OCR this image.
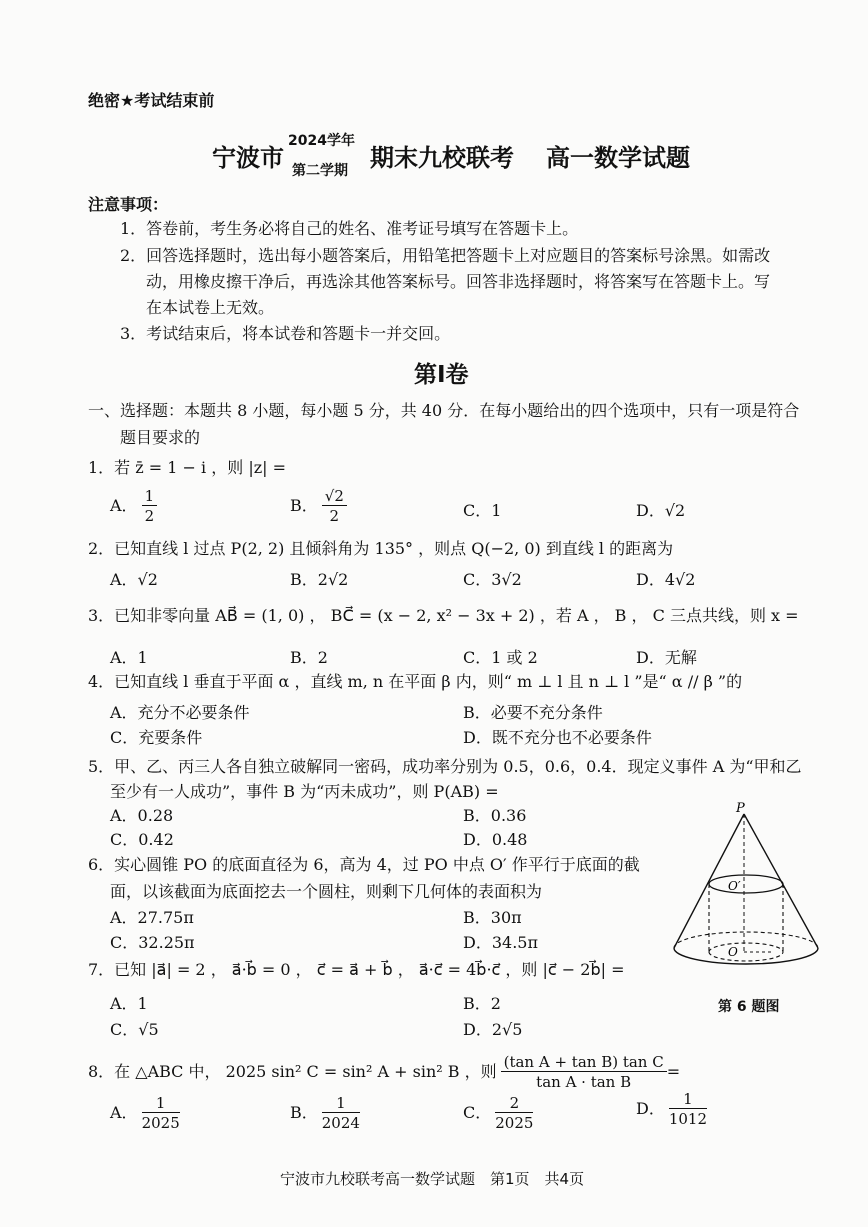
绝密★考试结束前
宁波市
2024学年
第二学期 期末九校联考 高一数学试题
注意事项：
1．答卷前，考生务必将自己的姓名、准考证号填写在答题卡上。
2．回答选择题时，选出每小题答案后，用铅笔把答题卡上对应题目的答案标号涂黑。如需改
动，用橡皮擦干净后，再选涂其他答案标号。回答非选择题时，将答案写在答题卡上。写
在本试卷上无效。
3．考试结束后，将本试卷和答题卡一并交回。
第Ⅰ卷
一、选择题：本题共 8 小题，每小题 5 分，共 40 分．在每小题给出的四个选项中，只有一项是符合
题目要求的
1．若 z̄ = 1 − i ，则 |z| =
A． $\frac{1}{2}$	B． $\frac{√2}{2}$	C．1	D．√2
2．已知直线 l 过点 P(2, 2) 且倾斜角为 135° ，则点 Q(−2, 0) 到直线 l 的距离为
A．√2	B．2√2	C．3√2	D．4√2
3．已知非零向量 AB⃗ = (1, 0) ， BC⃗ = (x − 2, x² − 3x + 2) ，若 A ， B ， C 三点共线，则 x =
A．1	B．2	C．1 或 2	D．无解
4．已知直线 l 垂直于平面 α ，直线 m, n 在平面 β 内，则“ m ⊥ l 且 n ⊥ l ”是“ α // β ”的
A．充分不必要条件	B．必要不充分条件
C．充要条件	D．既不充分也不必要条件
5．甲、乙、丙三人各自独立破解同一密码，成功率分别为 0.5，0.6，0.4．现定义事件 A 为“甲和乙
至少有一人成功”，事件 B 为“丙未成功”，则 P(AB) =
A．0.28	B．0.36
C．0.42	D．0.48
6．实心圆锥 PO 的底面直径为 6，高为 4，过 PO 中点 O′ 作平行于底面的截
面，以该截面为底面挖去一个圆柱，则剩下几何体的表面积为
A．27.75π	B．30π
C．32.25π	D．34.5π
P
O′
O
第 6 题图
7．已知 |a⃗| = 2 ， a⃗·b⃗ = 0 ， c⃗ = a⃗ + b⃗ ， a⃗·c⃗ = 4b⃗·c⃗ ，则 |c⃗ − 2b⃗| =
A．1	B．2
C．√5	D．2√5
8．在 △ABC 中， 2025 sin² C = sin² A + sin² B ，则 $\frac{\text{(tan A + tan B) tan C}}{\text{tan A · tan B}}$ =
A． $\frac{1}{2025}$	B． $\frac{1}{2024}$	C． $\frac{2}{2025}$	D． $\frac{1}{1012}$
宁波市九校联考高一数学试题　第1页　共4页
